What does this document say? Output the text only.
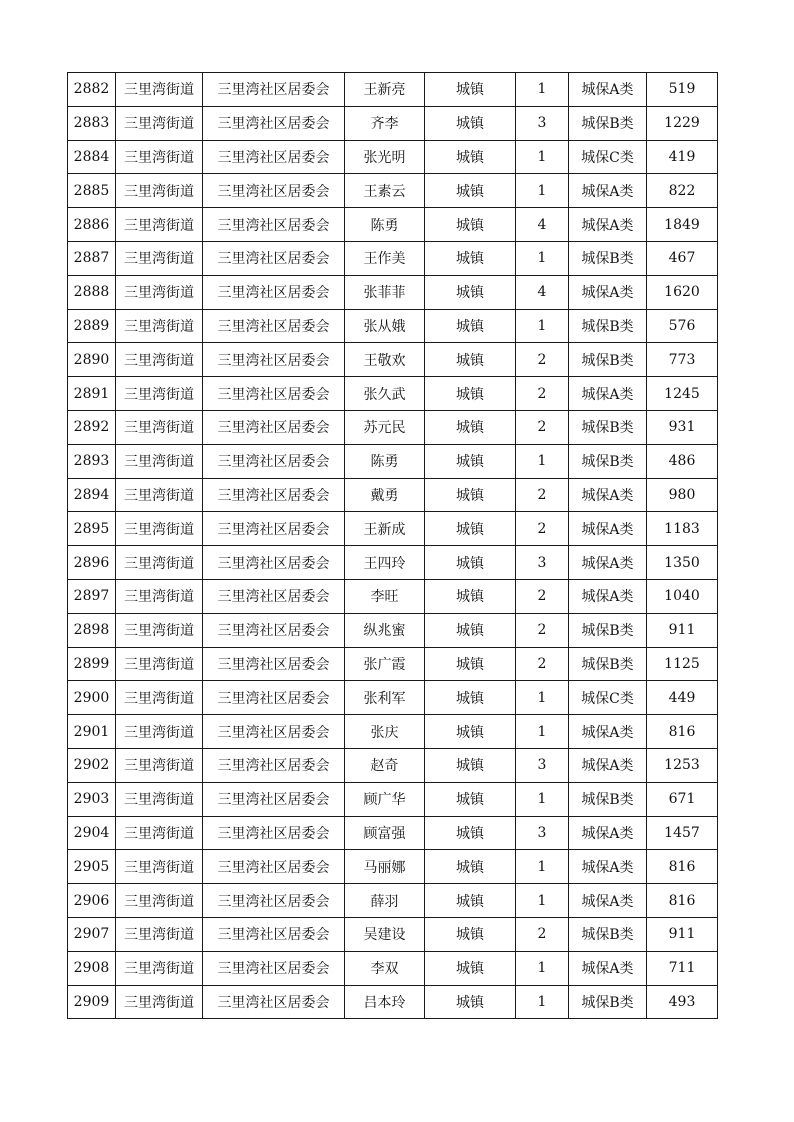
2882	三里湾街道	三里湾社区居委会	王新亮	城镇	1	城保A类	519
2883	三里湾街道	三里湾社区居委会	齐李	城镇	3	城保B类	1229
2884	三里湾街道	三里湾社区居委会	张光明	城镇	1	城保C类	419
2885	三里湾街道	三里湾社区居委会	王素云	城镇	1	城保A类	822
2886	三里湾街道	三里湾社区居委会	陈勇	城镇	4	城保A类	1849
2887	三里湾街道	三里湾社区居委会	王作美	城镇	1	城保B类	467
2888	三里湾街道	三里湾社区居委会	张菲菲	城镇	4	城保A类	1620
2889	三里湾街道	三里湾社区居委会	张从娥	城镇	1	城保B类	576
2890	三里湾街道	三里湾社区居委会	王敬欢	城镇	2	城保B类	773
2891	三里湾街道	三里湾社区居委会	张久武	城镇	2	城保A类	1245
2892	三里湾街道	三里湾社区居委会	苏元民	城镇	2	城保B类	931
2893	三里湾街道	三里湾社区居委会	陈勇	城镇	1	城保B类	486
2894	三里湾街道	三里湾社区居委会	戴勇	城镇	2	城保A类	980
2895	三里湾街道	三里湾社区居委会	王新成	城镇	2	城保A类	1183
2896	三里湾街道	三里湾社区居委会	王四玲	城镇	3	城保A类	1350
2897	三里湾街道	三里湾社区居委会	李旺	城镇	2	城保A类	1040
2898	三里湾街道	三里湾社区居委会	纵兆蜜	城镇	2	城保B类	911
2899	三里湾街道	三里湾社区居委会	张广霞	城镇	2	城保B类	1125
2900	三里湾街道	三里湾社区居委会	张利军	城镇	1	城保C类	449
2901	三里湾街道	三里湾社区居委会	张庆	城镇	1	城保A类	816
2902	三里湾街道	三里湾社区居委会	赵奇	城镇	3	城保A类	1253
2903	三里湾街道	三里湾社区居委会	顾广华	城镇	1	城保B类	671
2904	三里湾街道	三里湾社区居委会	顾富强	城镇	3	城保A类	1457
2905	三里湾街道	三里湾社区居委会	马丽娜	城镇	1	城保A类	816
2906	三里湾街道	三里湾社区居委会	薛羽	城镇	1	城保A类	816
2907	三里湾街道	三里湾社区居委会	吴建设	城镇	2	城保B类	911
2908	三里湾街道	三里湾社区居委会	李双	城镇	1	城保A类	711
2909	三里湾街道	三里湾社区居委会	吕本玲	城镇	1	城保B类	493
